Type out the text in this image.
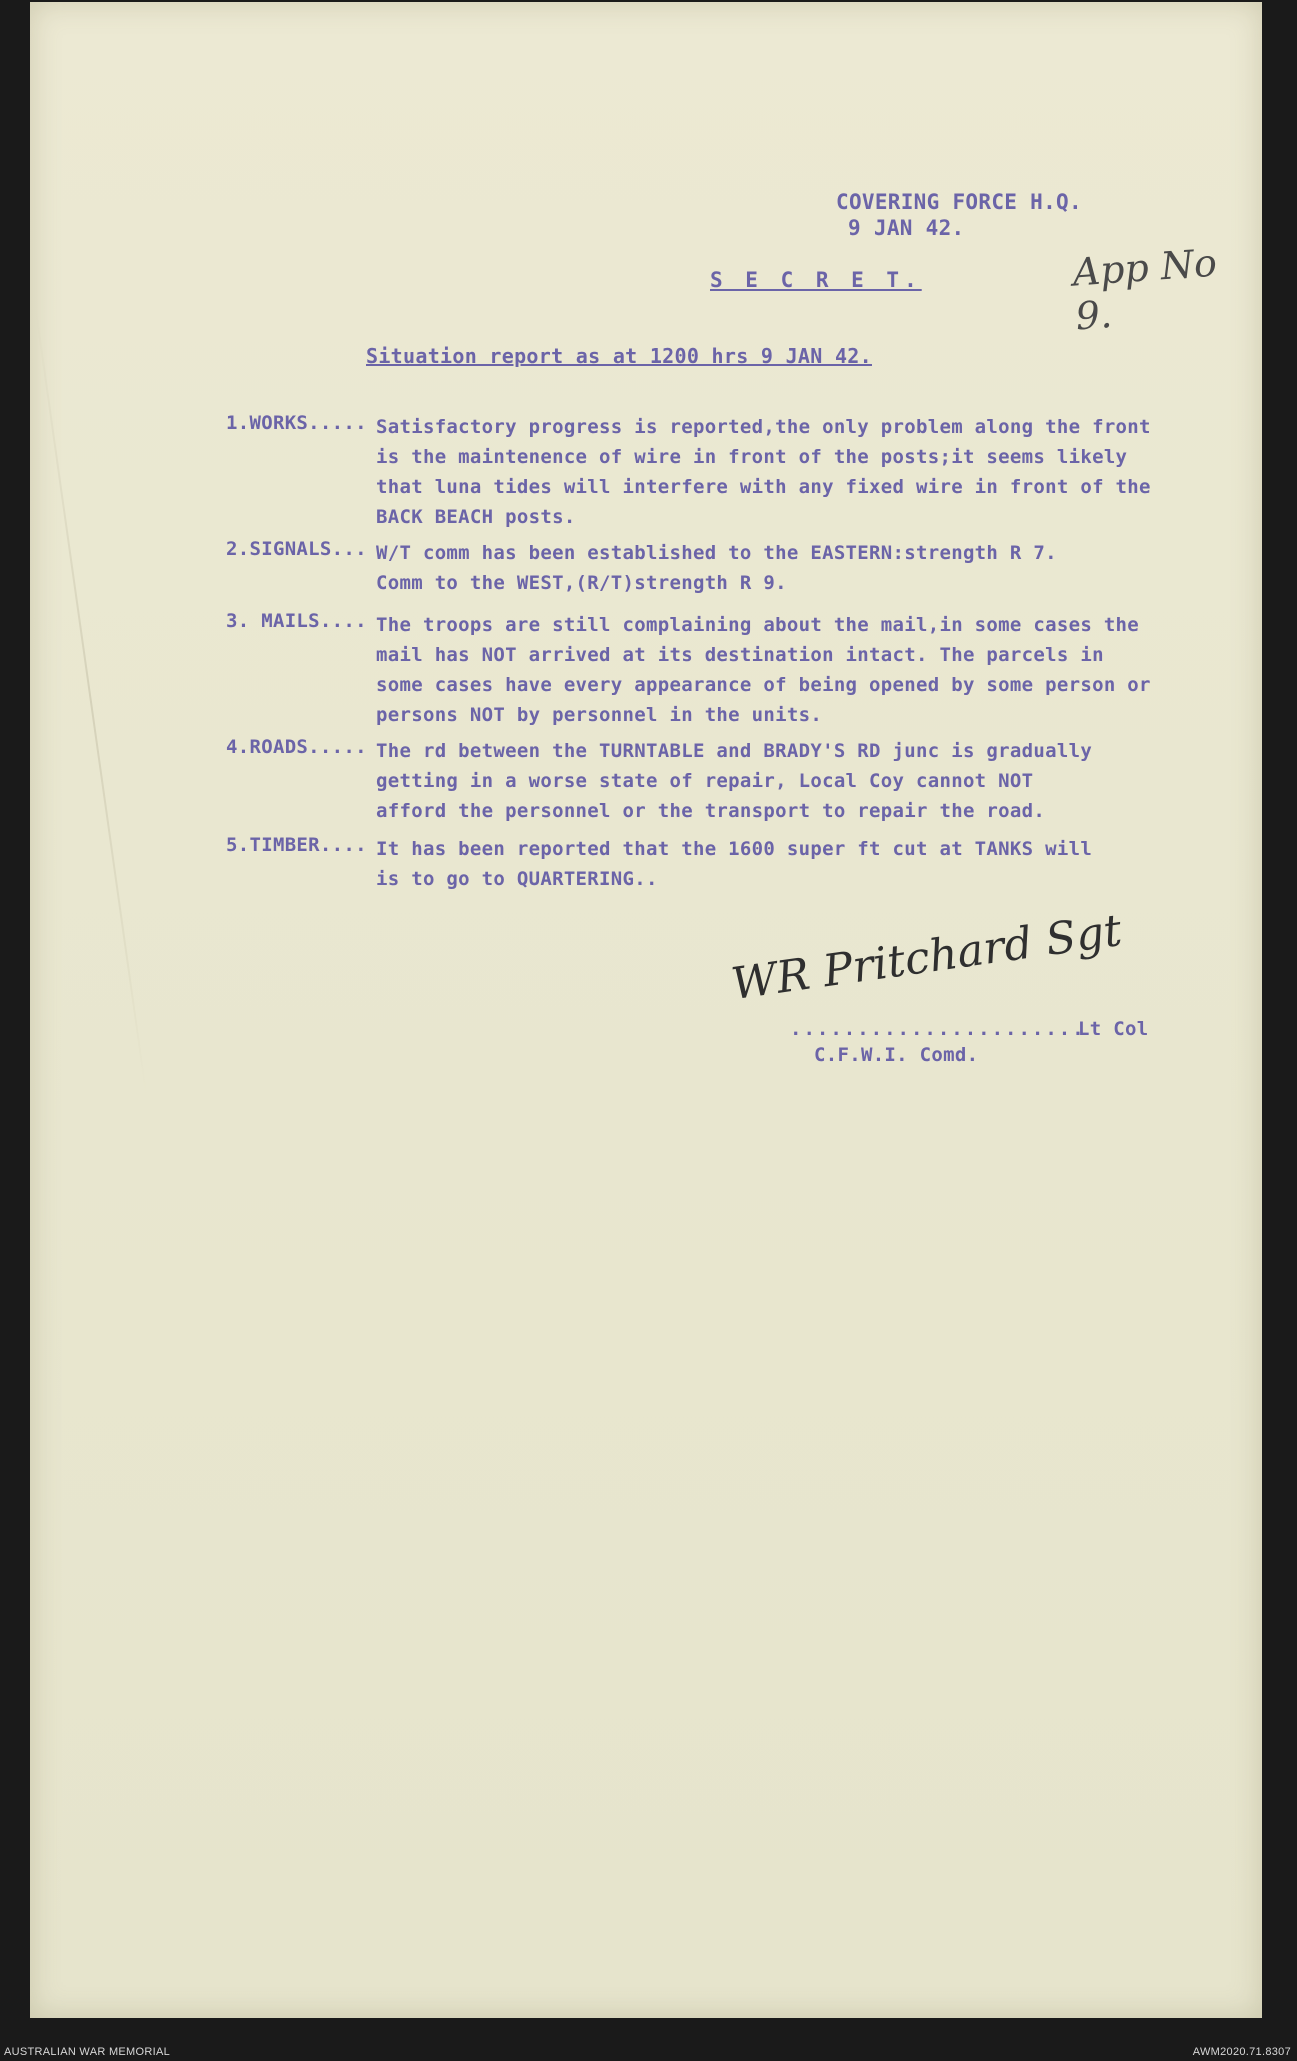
COVERING FORCE H.Q.
9 JAN 42.
App No 9.
S E C R E T.
Situation report as at 1200 hrs 9 JAN 42.
1.WORKS..... Satisfactory progress is reported,the only problem along the front
is the maintenence of wire in front of the posts;it seems likely
that luna tides will interfere with any fixed wire in front of the
BACK BEACH posts.
2.SIGNALS... W/T comm has been established to the EASTERN:strength R 7.
Comm to the WEST,(R/T)strength R 9.
3. MAILS.... The troops are still complaining about the mail,in some cases the
mail has NOT arrived at its destination intact. The parcels in
some cases have every appearance of being opened by some person or
persons NOT by personnel in the units.
4.ROADS..... The rd between the TURNTABLE and BRADY'S RD junc is gradually
getting in a worse state of repair, Local Coy cannot NOT
afford the personnel or the transport to repair the road.
5.TIMBER.... It has been reported that the 1600 super ft cut at TANKS will
is to go to QUARTERING..
WR Pritchard Sgt
......................
Lt Col
C.F.W.I. Comd.
AUSTRALIAN WAR MEMORIAL	AWM2020.71.8307
